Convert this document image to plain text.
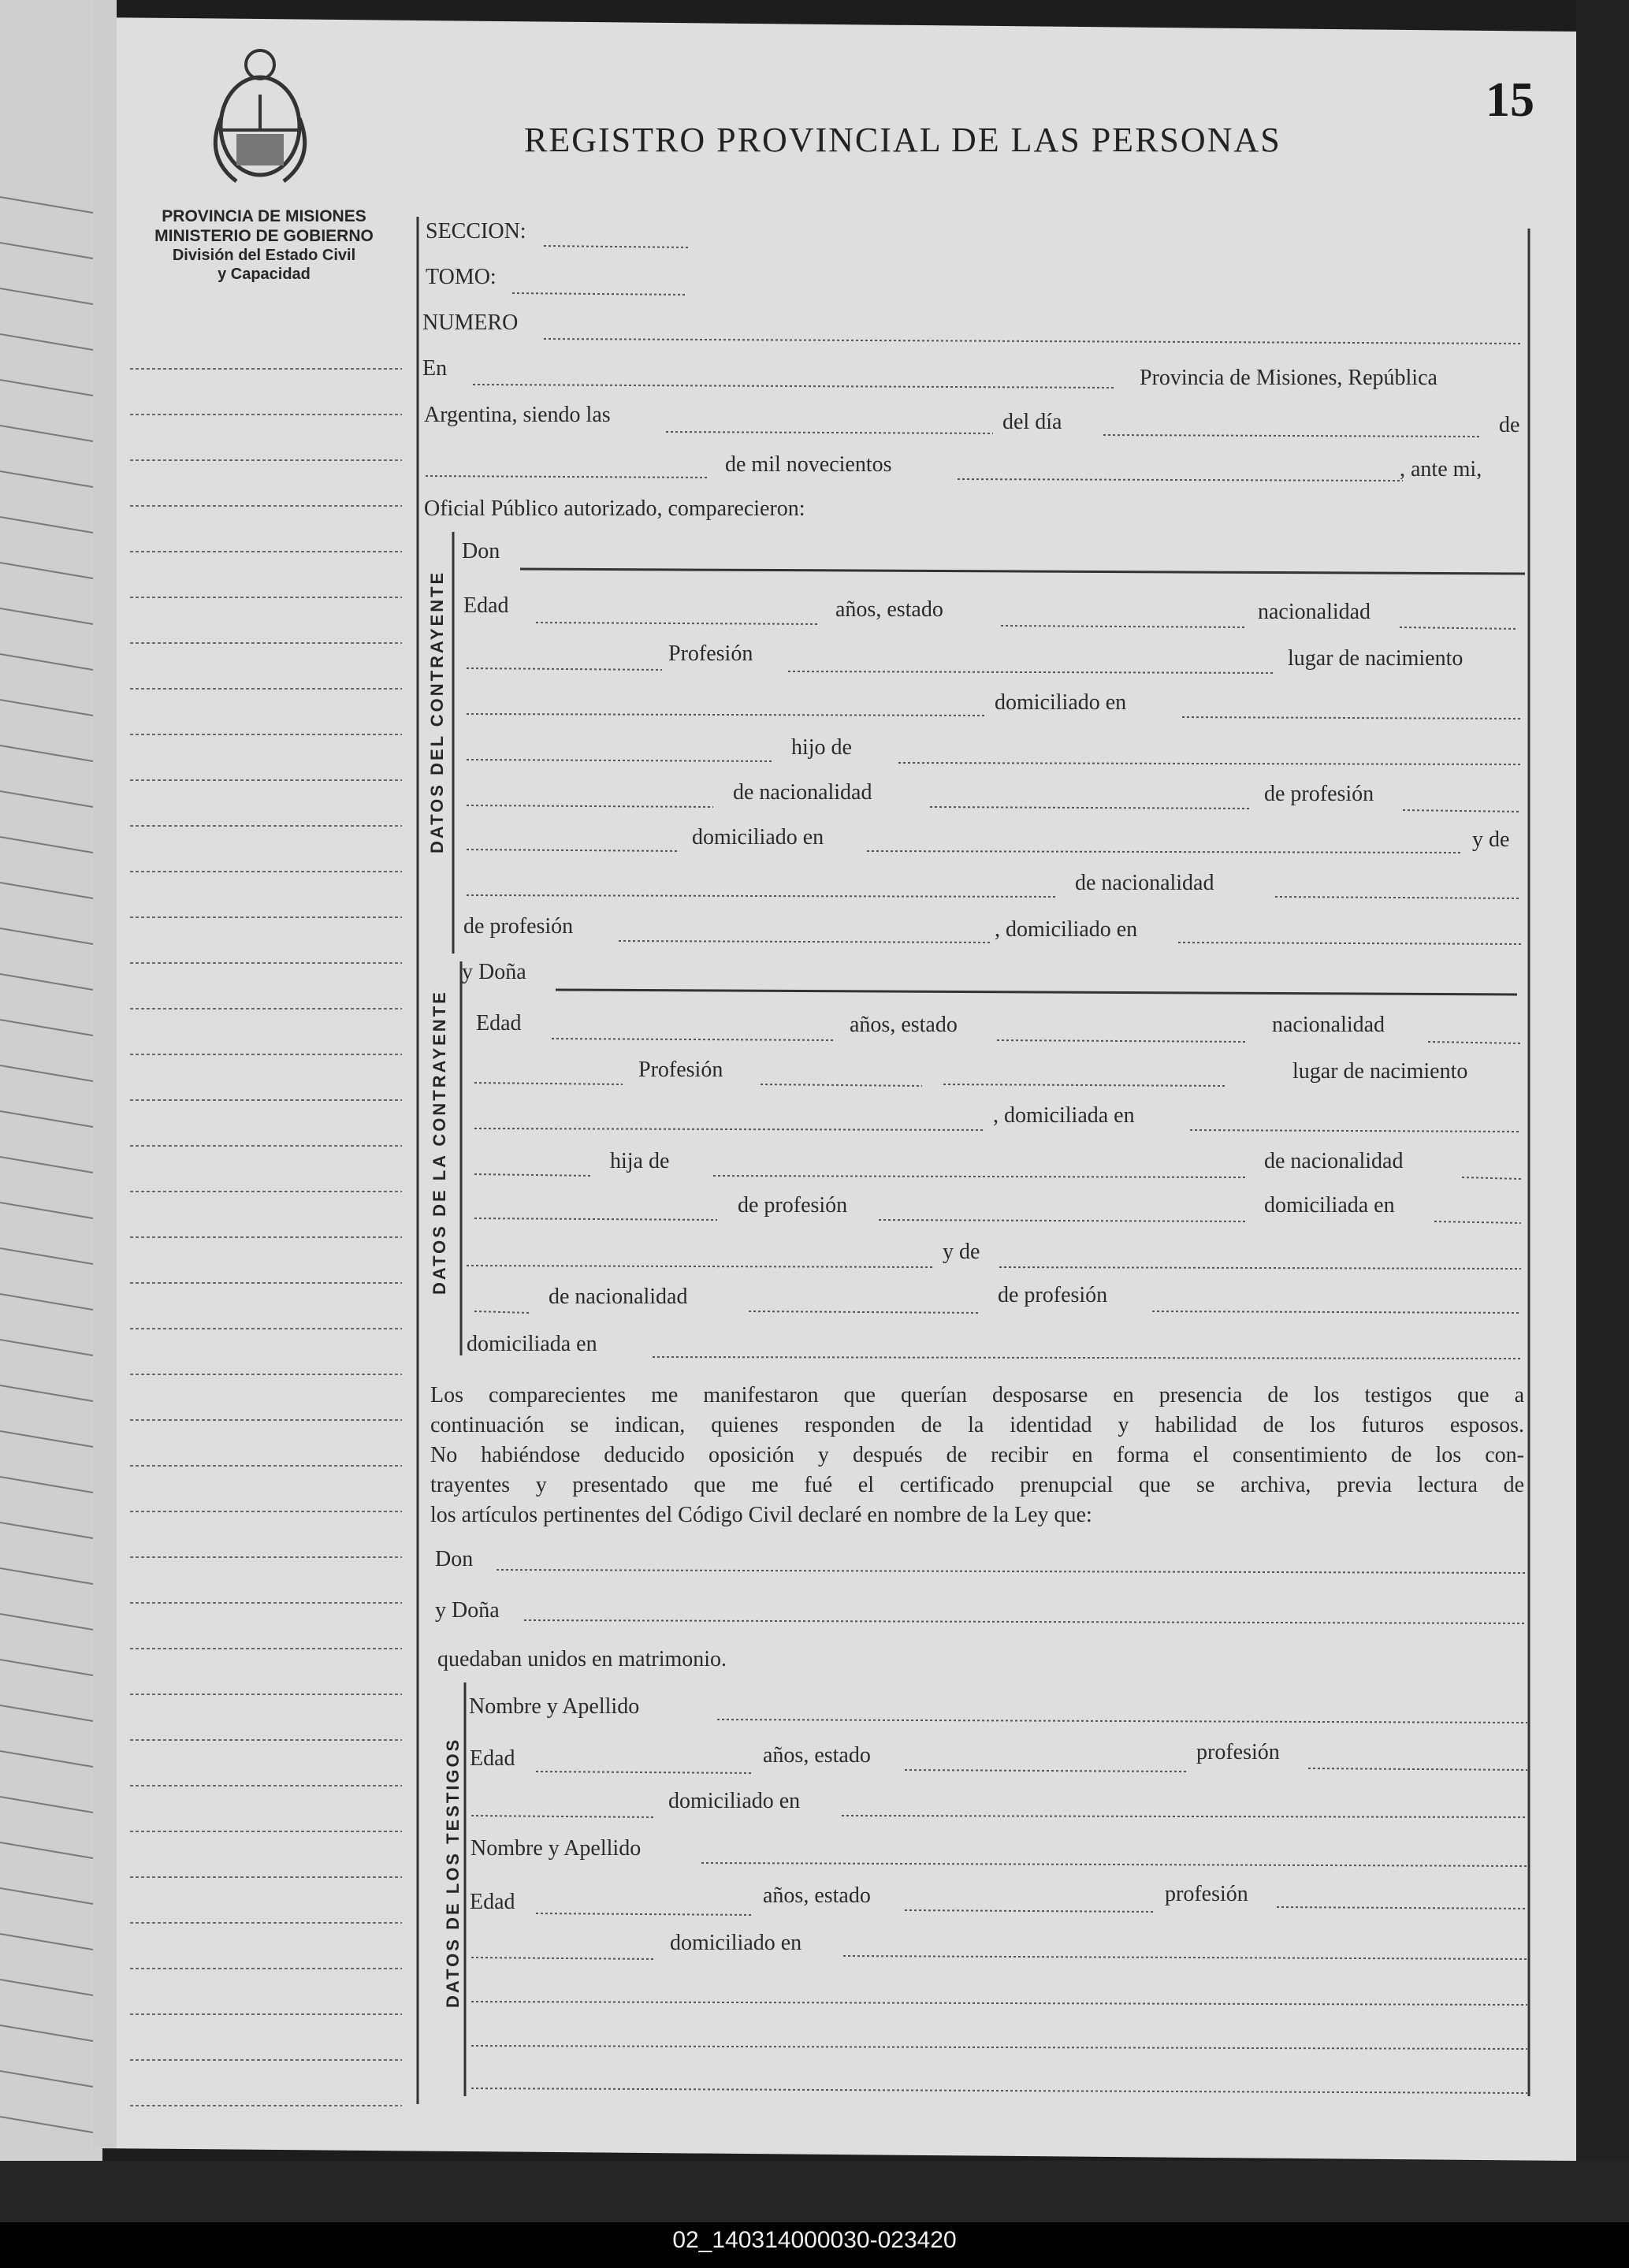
15
REGISTRO PROVINCIAL DE LAS PERSONAS
PROVINCIA DE MISIONES
MINISTERIO DE GOBIERNO
División del Estado Civil
y Capacidad
SECCION:
TOMO:
NUMERO
En	Provincia de Misiones, República
Argentina, siendo las	del día	de
de mil novecientos	, ante mi,
Oficial Público autorizado, comparecieron:
DATOS DEL CONTRAYENTE
Don
Edad	años, estado	nacionalidad
Profesión	lugar de nacimiento
domiciliado en
hijo de
de nacionalidad	de profesión
domiciliado en	y de
de nacionalidad
de profesión	, domiciliado en
DATOS DE LA CONTRAYENTE
y Doña
Edad	años, estado	nacionalidad
Profesión	lugar de nacimiento
, domiciliada en
hija de	de nacionalidad
de profesión	domiciliada en
y de
de nacionalidad	de profesión
domiciliada en
Los comparecientes me manifestaron que querían desposarse en presencia de los testigos que a
continuación se indican, quienes responden de la identidad y habilidad de los futuros esposos.
No habiéndose deducido oposición y después de recibir en forma el consentimiento de los con-
trayentes y presentado que me fué el certificado prenupcial que se archiva, previa lectura de
los artículos pertinentes del Código Civil declaré en nombre de la Ley que:
Don
y Doña
quedaban unidos en matrimonio.
DATOS DE LOS TESTIGOS
Nombre y Apellido
Edad	años, estado	profesión
domiciliado en
Nombre y Apellido
Edad	años, estado	profesión
domiciliado en
02_140314000030-023420
